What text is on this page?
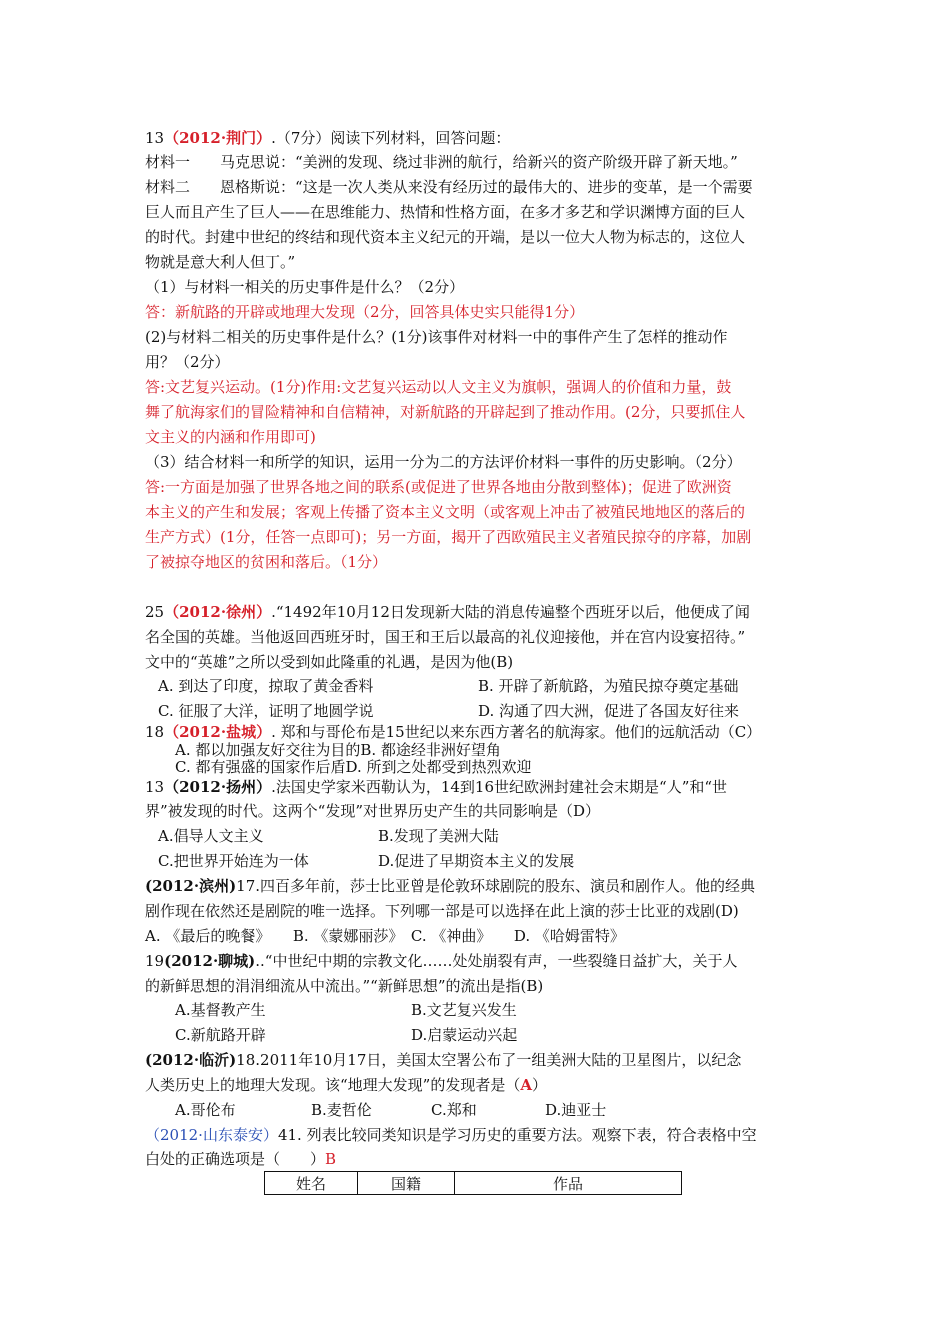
13（2012·荆门）.（7分）阅读下列材料，回答问题：
材料一　　马克思说：“美洲的发现、绕过非洲的航行，给新兴的资产阶级开辟了新天地。”
材料二　　恩格斯说：“这是一次人类从来没有经历过的最伟大的、进步的变革，是一个需要
巨人而且产生了巨人——在思维能力、热情和性格方面，在多才多艺和学识渊博方面的巨人
的时代。封建中世纪的终结和现代资本主义纪元的开端，是以一位大人物为标志的，这位人
物就是意大利人但丁。”
（1）与材料一相关的历史事件是什么？（2分）
答：新航路的开辟或地理大发现（2分，回答具体史实只能得1分）
(2)与材料二相关的历史事件是什么？(1分)该事件对材料一中的事件产生了怎样的推动作
用？（2分）
答:文艺复兴运动。(1分)作用:文艺复兴运动以人文主义为旗帜，强调人的价值和力量，鼓
舞了航海家们的冒险精神和自信精神，对新航路的开辟起到了推动作用。(2分，只要抓住人
文主义的内涵和作用即可)
（3）结合材料一和所学的知识，运用一分为二的方法评价材料一事件的历史影响。（2分）
答:一方面是加强了世界各地之间的联系(或促进了世界各地由分散到整体)；促进了欧洲资
本主义的产生和发展；客观上传播了资本主义文明（或客观上冲击了被殖民地地区的落后的
生产方式）(1分，任答一点即可)；另一方面，揭开了西欧殖民主义者殖民掠夺的序幕，加剧
了被掠夺地区的贫困和落后。（1分）
25（2012·徐州）.“1492年10月12日发现新大陆的消息传遍整个西班牙以后，他便成了闻
名全国的英雄。当他返回西班牙时，国王和王后以最高的礼仪迎接他，并在宫内设宴招待。”
文中的“英雄”之所以受到如此隆重的礼遇，是因为他(B)
A. 到达了印度，掠取了黄金香料	B. 开辟了新航路，为殖民掠夺奠定基础
C. 征服了大洋，证明了地圆学说	D. 沟通了四大洲，促进了各国友好往来
18（2012·盐城）. 郑和与哥伦布是15世纪以来东西方著名的航海家。他们的远航活动（C）
A. 都以加强友好交往为目的B. 都途经非洲好望角
C. 都有强盛的国家作后盾D. 所到之处都受到热烈欢迎
13（2012·扬州）.法国史学家米西勒认为，14到16世纪欧洲封建社会末期是“人”和“世
界”被发现的时代。这两个“发现”对世界历史产生的共同影响是（D）
A.倡导人文主义	B.发现了美洲大陆
C.把世界开始连为一体	D.促进了早期资本主义的发展
(2012·滨州)17.四百多年前，莎士比亚曾是伦敦环球剧院的股东、演员和剧作人。他的经典
剧作现在依然还是剧院的唯一选择。下列哪一部是可以选择在此上演的莎士比亚的戏剧(D)
A. 《最后的晚餐》　　B. 《蒙娜丽莎》　C. 《神曲》　　D. 《哈姆雷特》
19(2012·聊城)..“中世纪中期的宗教文化……处处崩裂有声，一些裂缝日益扩大，关于人
的新鲜思想的涓涓细流从中流出。”“新鲜思想”的流出是指(B)
A.基督教产生	B.文艺复兴发生
C.新航路开辟	D.启蒙运动兴起
(2012·临沂)18.2011年10月17日，美国太空署公布了一组美洲大陆的卫星图片，以纪念
人类历史上的地理大发现。该“地理大发现”的发现者是（A）
A.哥伦布	B.麦哲伦	C.郑和	D.迪亚士
（2012·山东泰安）41. 列表比较同类知识是学习历史的重要方法。观察下表，符合表格中空
白处的正确选项是（　　）B
姓名	国籍	作品
